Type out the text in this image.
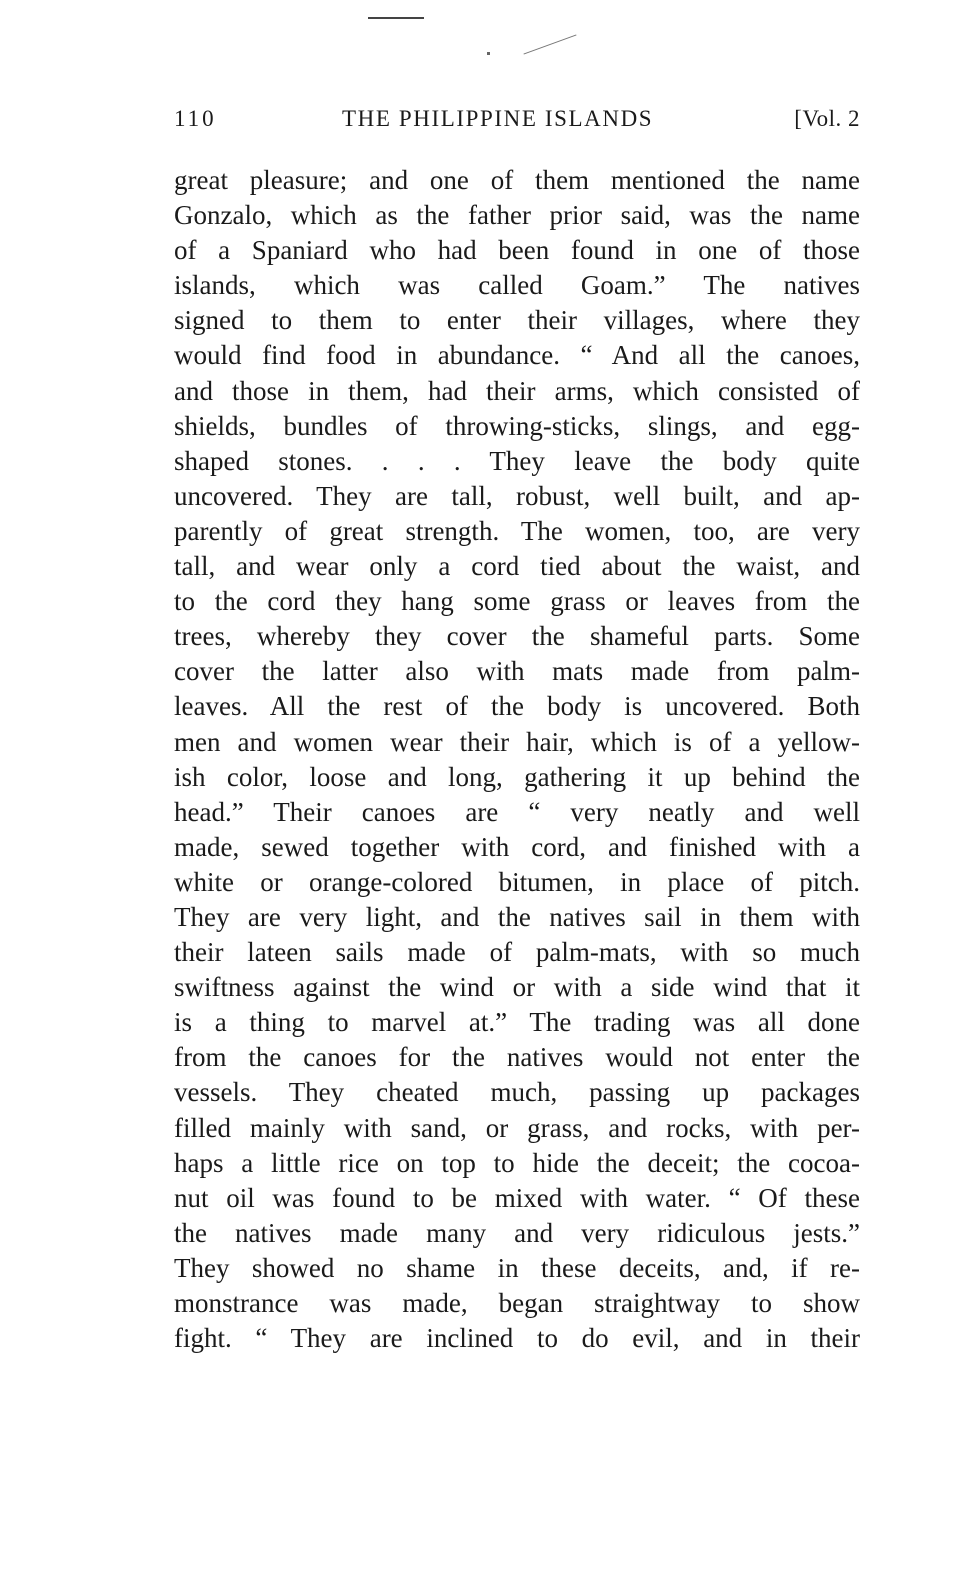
110	THE PHILIPPINE ISLANDS	[Vol. 2
great pleasure; and one of them mentioned the name
Gonzalo, which as the father prior said, was the name
of a Spaniard who had been found in one of those
islands, which was called Goam.” The natives
signed to them to enter their villages, where they
would find food in abundance. “ And all the canoes,
and those in them, had their arms, which consisted of
shields, bundles of throwing-sticks, slings, and egg-
shaped stones. . . . They leave the body quite
uncovered. They are tall, robust, well built, and ap-
parently of great strength. The women, too, are very
tall, and wear only a cord tied about the waist, and
to the cord they hang some grass or leaves from the
trees, whereby they cover the shameful parts. Some
cover the latter also with mats made from palm-
leaves. All the rest of the body is uncovered. Both
men and women wear their hair, which is of a yellow-
ish color, loose and long, gathering it up behind the
head.” Their canoes are “ very neatly and well
made, sewed together with cord, and finished with a
white or orange-colored bitumen, in place of pitch.
They are very light, and the natives sail in them with
their lateen sails made of palm-mats, with so much
swiftness against the wind or with a side wind that it
is a thing to marvel at.” The trading was all done
from the canoes for the natives would not enter the
vessels. They cheated much, passing up packages
filled mainly with sand, or grass, and rocks, with per-
haps a little rice on top to hide the deceit; the cocoa-
nut oil was found to be mixed with water. “ Of these
the natives made many and very ridiculous jests.”
They showed no shame in these deceits, and, if re-
monstrance was made, began straightway to show
fight. “ They are inclined to do evil, and in their
